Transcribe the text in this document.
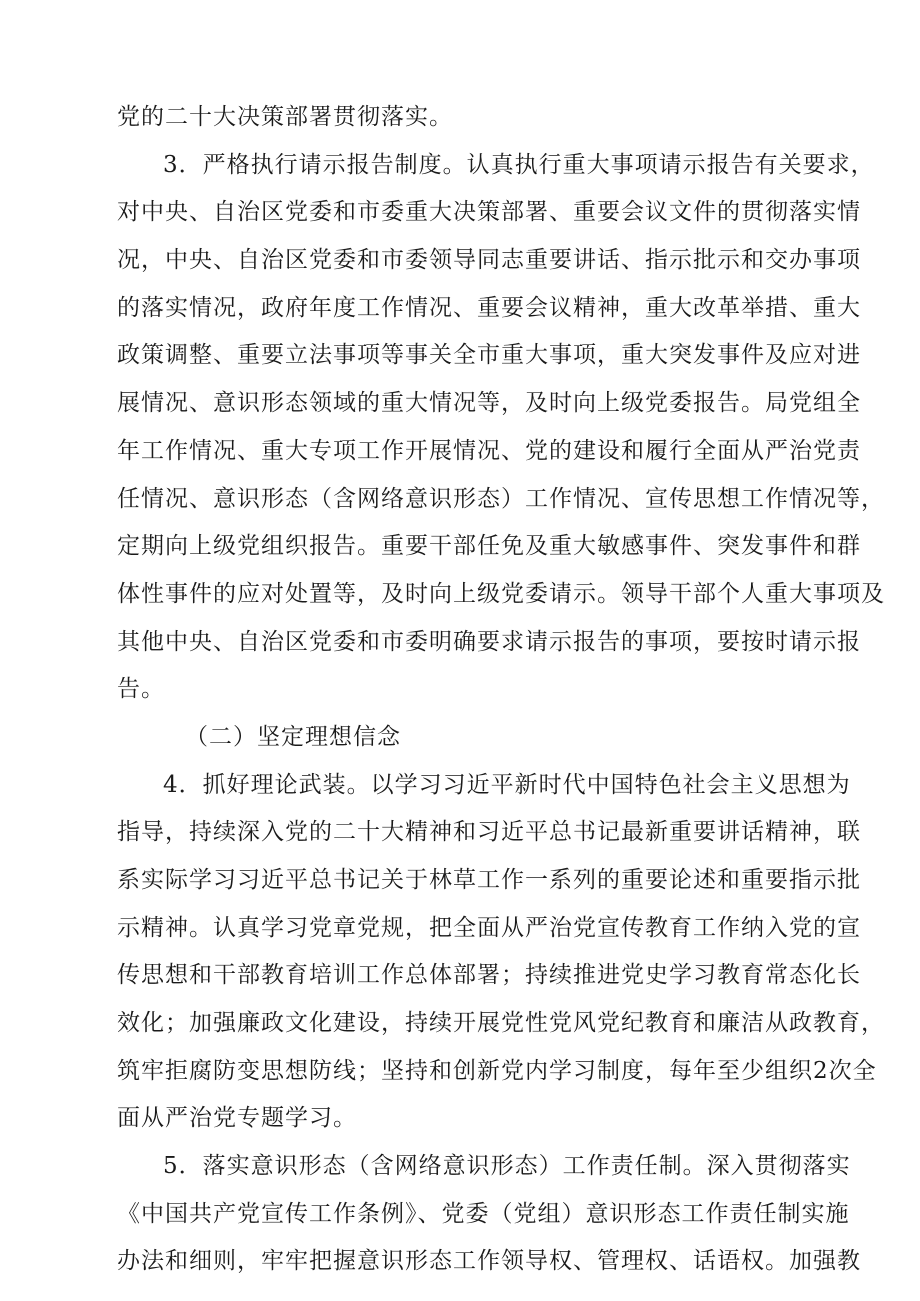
党的二十大决策部署贯彻落实。
3．严格执行请示报告制度。认真执行重大事项请示报告有关要求，
对中央、自治区党委和市委重大决策部署、重要会议文件的贯彻落实情
况，中央、自治区党委和市委领导同志重要讲话、指示批示和交办事项
的落实情况，政府年度工作情况、重要会议精神，重大改革举措、重大
政策调整、重要立法事项等事关全市重大事项，重大突发事件及应对进
展情况、意识形态领域的重大情况等，及时向上级党委报告。局党组全
年工作情况、重大专项工作开展情况、党的建设和履行全面从严治党责
任情况、意识形态（含网络意识形态）工作情况、宣传思想工作情况等，
定期向上级党组织报告。重要干部任免及重大敏感事件、突发事件和群
体性事件的应对处置等，及时向上级党委请示。领导干部个人重大事项及
其他中央、自治区党委和市委明确要求请示报告的事项，要按时请示报
告。
（二）坚定理想信念
4．抓好理论武装。以学习习近平新时代中国特色社会主义思想为
指导，持续深入党的二十大精神和习近平总书记最新重要讲话精神，联
系实际学习习近平总书记关于林草工作一系列的重要论述和重要指示批
示精神。认真学习党章党规，把全面从严治党宣传教育工作纳入党的宣
传思想和干部教育培训工作总体部署；持续推进党史学习教育常态化长
效化；加强廉政文化建设，持续开展党性党风党纪教育和廉洁从政教育，
筑牢拒腐防变思想防线；坚持和创新党内学习制度，每年至少组织2次全
面从严治党专题学习。
5．落实意识形态（含网络意识形态）工作责任制。深入贯彻落实
《中国共产党宣传工作条例》、党委（党组）意识形态工作责任制实施
办法和细则，牢牢把握意识形态工作领导权、管理权、话语权。加强教
